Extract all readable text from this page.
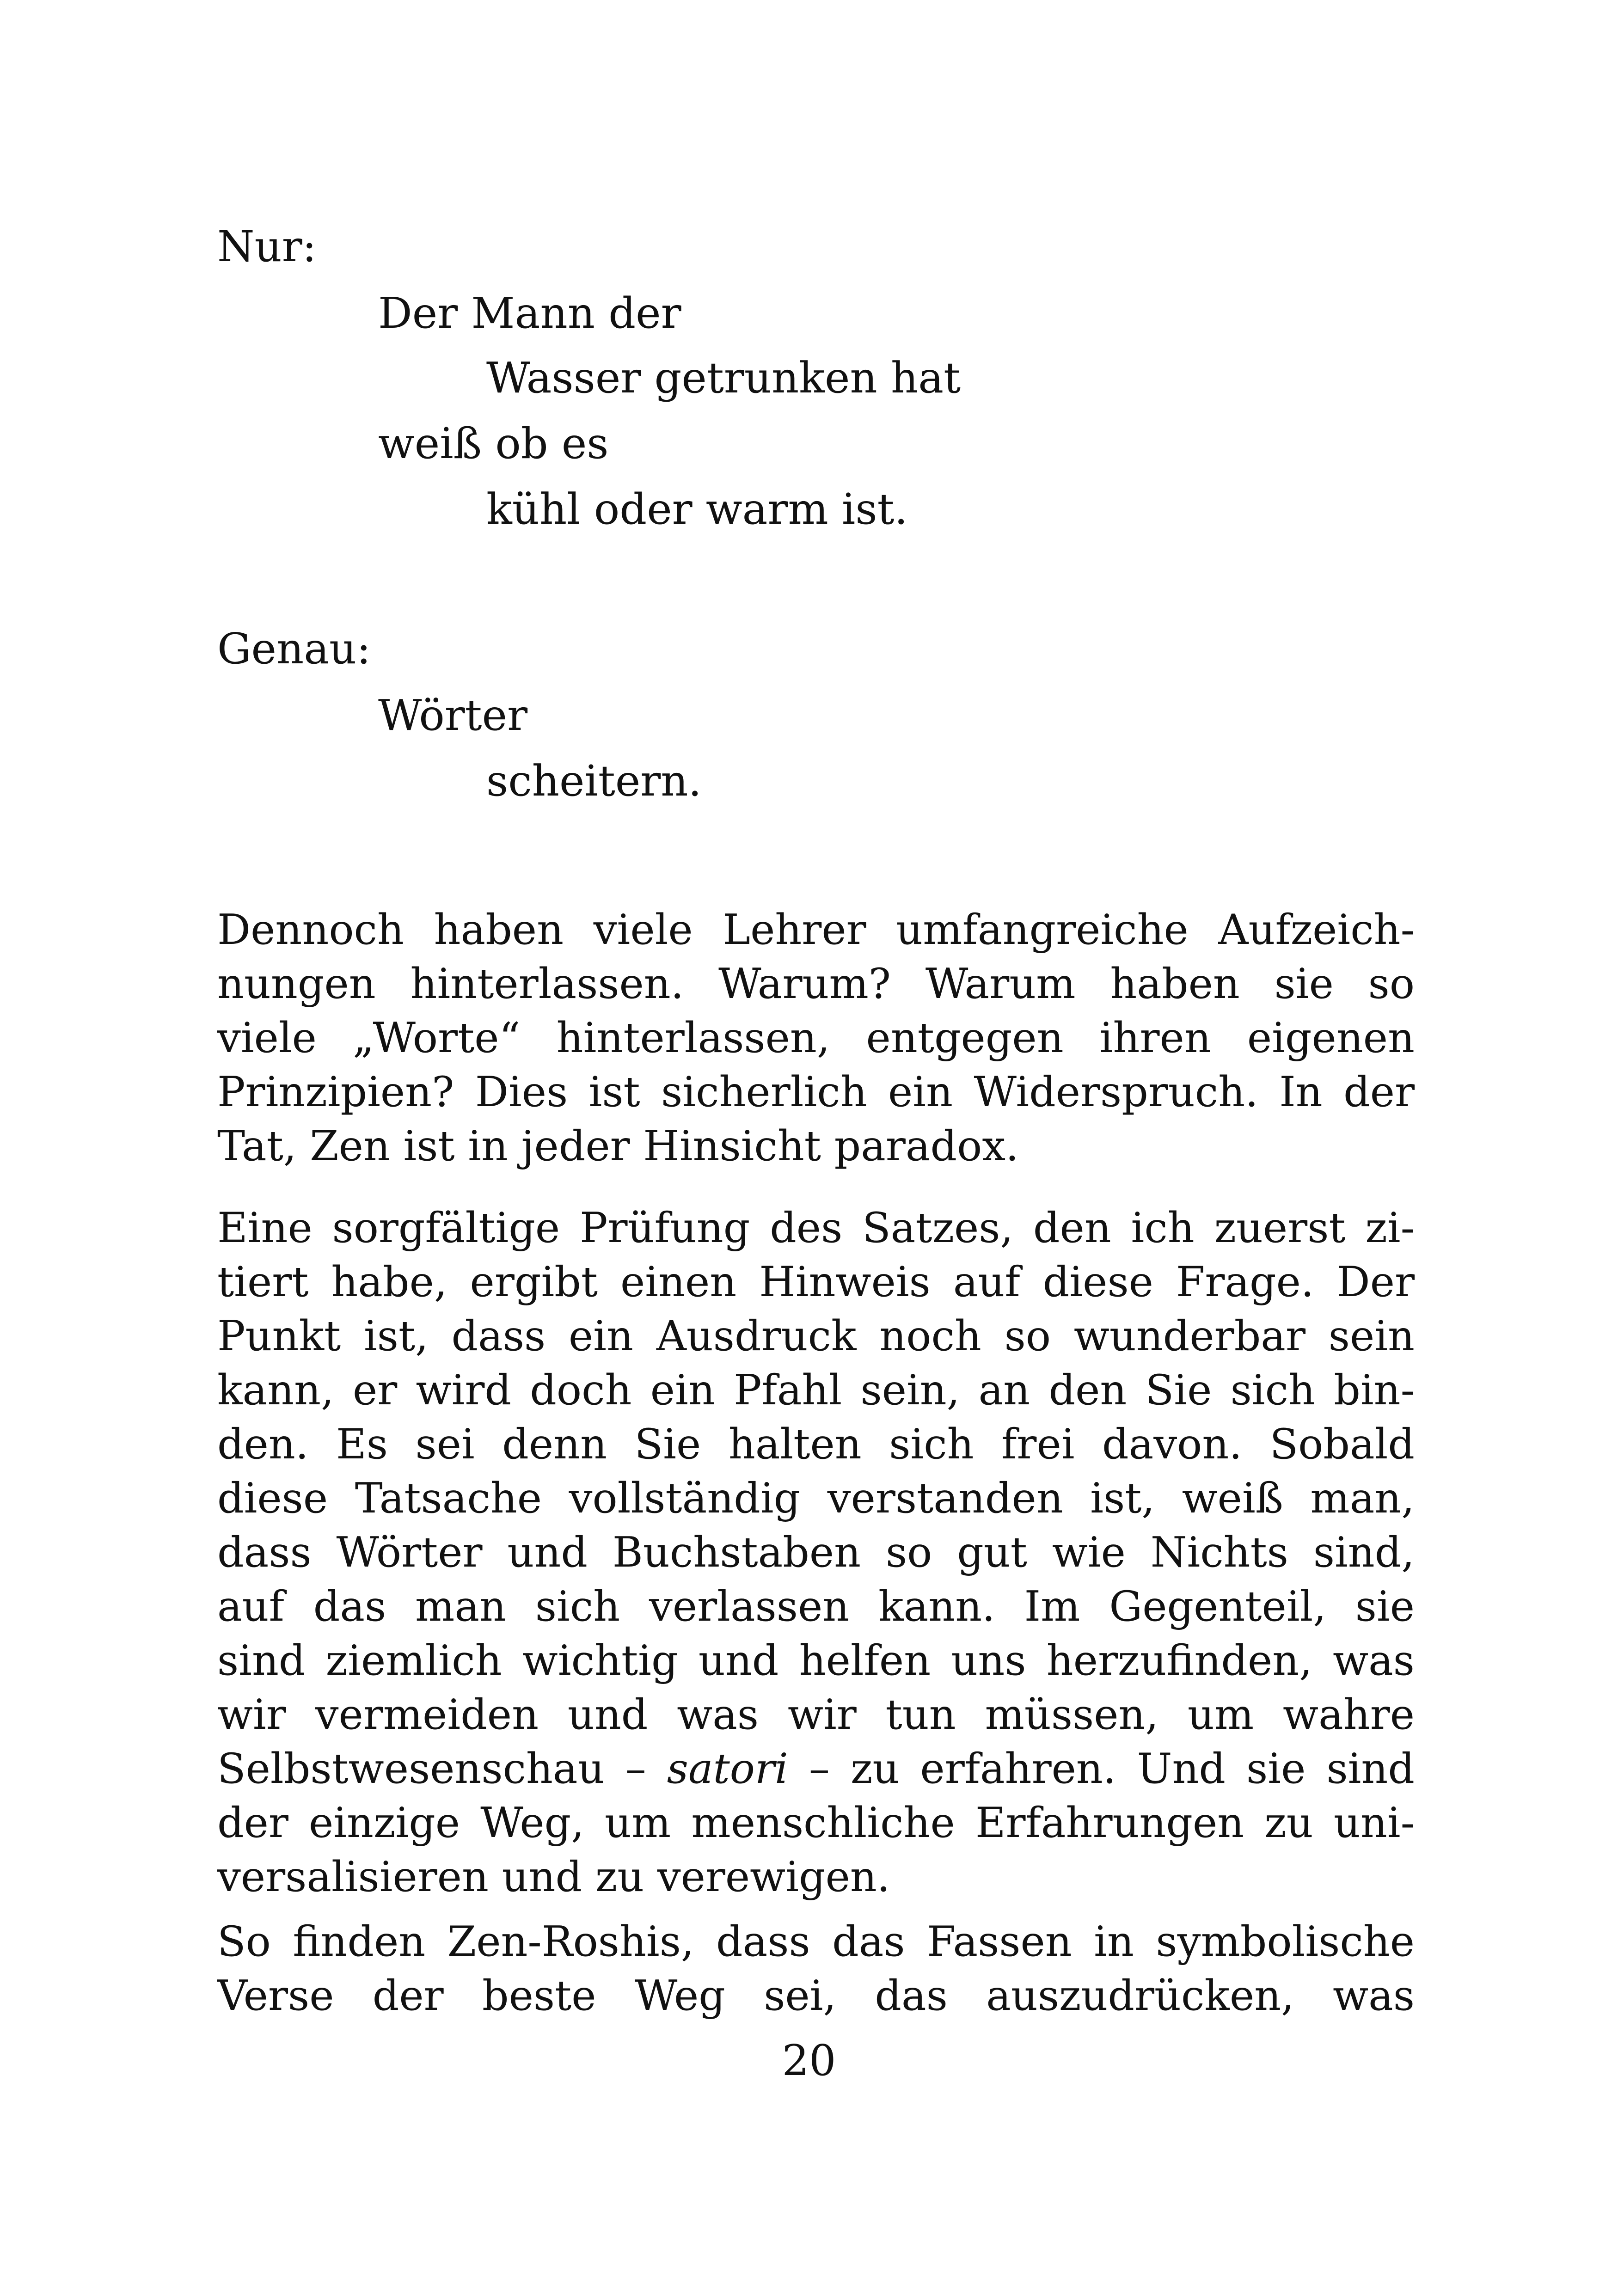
Nur:
Der Mann der
Wasser getrunken hat
weiß ob es
kühl oder warm ist.
Genau:
Wörter
scheitern.
Dennoch haben viele Lehrer umfangreiche Aufzeich-
nungen hinterlassen. Warum? Warum haben sie so
viele „Worte“ hinterlassen, entgegen ihren eigenen
Prinzipien? Dies ist sicherlich ein Widerspruch. In der
Tat, Zen ist in jeder Hinsicht paradox.
Eine sorgfältige Prüfung des Satzes, den ich zuerst zi-
tiert habe, ergibt einen Hinweis auf diese Frage. Der
Punkt ist, dass ein Ausdruck noch so wunderbar sein
kann, er wird doch ein Pfahl sein, an den Sie sich bin-
den. Es sei denn Sie halten sich frei davon. Sobald
diese Tatsache vollständig verstanden ist, weiß man,
dass Wörter und Buchstaben so gut wie Nichts sind,
auf das man sich verlassen kann. Im Gegenteil, sie
sind ziemlich wichtig und helfen uns herzufinden, was
wir vermeiden und was wir tun müssen, um wahre
Selbstwesenschau – satori – zu erfahren. Und sie sind
der einzige Weg, um menschliche Erfahrungen zu uni-
versalisieren und zu verewigen.
So finden Zen-Roshis, dass das Fassen in symbolische
Verse der beste Weg sei, das auszudrücken, was
20
